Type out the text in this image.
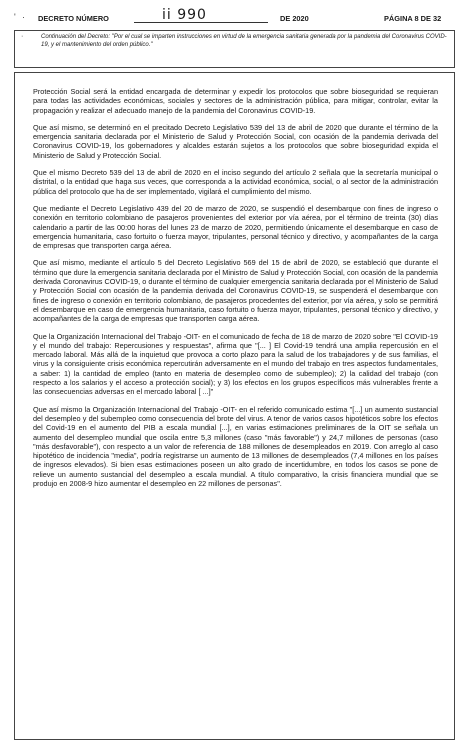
' · DECRETO NÚMERO	ii 990	DE 2020	PÁGINA 8 DE 32
·	Continuación del Decreto: "Por el cual se imparten instrucciones en virtud de la emergencia sanitaria generada por la pandemia del Coronavirus COVID-19, y el mantenimiento del orden público."

Protección Social será la entidad encargada de determinar y expedir los protocolos que sobre bioseguridad se requieran para todas las actividades económicas, sociales y sectores de la administración pública, para mitigar, controlar, evitar la propagación y realizar el adecuado manejo de la pandemia del Coronavirus COVID-19.

Que así mismo, se determinó en el precitado Decreto Legislativo 539 del 13 de abril de 2020 que durante el término de la emergencia sanitaria declarada por el Ministerio de Salud y Protección Social, con ocasión de la pandemia derivada del Coronavirus COVID-19, los gobernadores y alcaldes estarán sujetos a los protocolos que sobre bioseguridad expida el Ministerio de Salud y Protección Social.

Que el mismo Decreto 539 del 13 de abril de 2020 en el inciso segundo del artículo 2 señala que la secretaría municipal o distrital, o la entidad que haga sus veces, que corresponda a la actividad económica, social, o al sector de la administración pública del protocolo que ha de ser implementado, vigilará el cumplimiento del mismo.

Que mediante el Decreto Legislativo 439 del 20 de marzo de 2020, se suspendió el desembarque con fines de ingreso o conexión en territorio colombiano de pasajeros provenientes del exterior por vía aérea, por el término de treinta (30) días calendario a partir de las 00:00 horas del lunes 23 de marzo de 2020, permitiendo únicamente el desembarque en caso de emergencia humanitaria, caso fortuito o fuerza mayor, tripulantes, personal técnico y directivo, y acompañantes de la carga de empresas que transporten carga aérea.

Que así mismo, mediante el artículo 5 del Decreto Legislativo 569 del 15 de abril de 2020, se estableció que durante el término que dure la emergencia sanitaria declarada por el Ministro de Salud y Protección Social, con ocasión de la pandemia derivada Coronavirus COVID-19, o durante el término de cualquier emergencia sanitaria declarada por el Ministerio de Salud y Protección Social con ocasión de la pandemia derivada del Coronavirus COVID-19, se suspenderá el desembarque con fines de ingreso o conexión en territorio colombiano, de pasajeros procedentes del exterior, por vía aérea, y solo se permitirá el desembarque en caso de emergencia humanitaria, caso fortuito o fuerza mayor, tripulantes, personal técnico y directivo, y acompañantes de la carga de empresas que transporten carga aérea.

Que la Organización Internacional del Trabajo -OIT- en el comunicado de fecha de 18 de marzo de 2020 sobre "El COVID-19 y el mundo del trabajo: Repercusiones y respuestas", afirma que "[... ] El Covid-19 tendrá una amplia repercusión en el mercado laboral. Más allá de la inquietud que provoca a corto plazo para la salud de los trabajadores y de sus familias, el virus y la consiguiente crisis económica repercutirán adversamente en el mundo del trabajo en tres aspectos fundamentales, a saber: 1) la cantidad de empleo (tanto en materia de desempleo como de subempleo); 2) la calidad del trabajo (con respecto a los salarios y el acceso a protección social); y 3) los efectos en los grupos específicos más vulnerables frente a las consecuencias adversas en el mercado laboral [ ...]"

Que así mismo la Organización Internacional del Trabajo -OIT- en el referido comunicado estima "[...] un aumento sustancial del desempleo y del subempleo como consecuencia del brote del virus. A tenor de varios casos hipotéticos sobre los efectos del Covid-19 en el aumento del PIB a escala mundial [...], en varias estimaciones preliminares de la OIT se señala un aumento del desempleo mundial que oscila entre 5,3 millones (caso "más favorable") y 24,7 millones de personas (caso "más desfavorable"), con respecto a un valor de referencia de 188 millones de desempleados en 2019. Con arreglo al caso hipotético de incidencia "media", podría registrarse un aumento de 13 millones de desempleados (7,4 millones en los países de ingresos elevados). Si bien esas estimaciones poseen un alto grado de incertidumbre, en todos los casos se pone de relieve un aumento sustancial del desempleo a escala mundial. A título comparativo, la crisis financiera mundial que se produjo en 2008-9 hizo aumentar el desempleo en 22 millones de personas".
